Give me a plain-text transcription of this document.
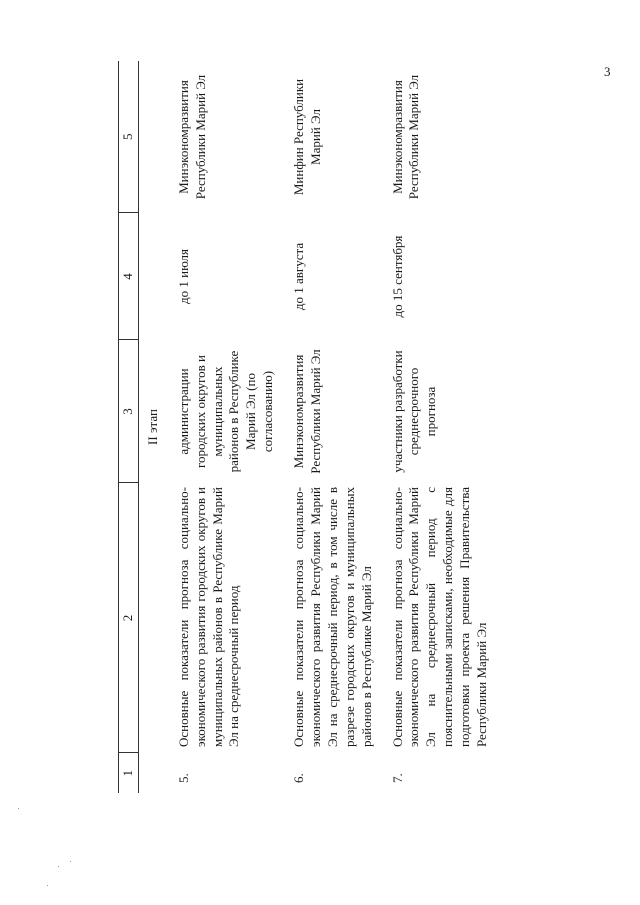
3
1	2	3	4	5
II этап				
5.	Основные показатели прогноза социально-экономического развития городских округов и муниципальных районов в Республике Марий Эл на среднесрочный период	администрации городских округов и муниципальных районов в Республике Марий Эл (по согласованию)	до 1 июля	Минэкономразвития Республики Марий Эл
6.	Основные показатели прогноза социально-экономического развития Республики Марий Эл на среднесрочный период, в том числе в разрезе городских округов и муниципальных районов в Республике Марий Эл	Минэкономразвития Республики Марий Эл	до 1 августа	Минфин Республики Марий Эл
7.	Основные показатели прогноза социально-экономического развития Республики Марий Эл на среднесрочный период с пояснительными записками, необходимые для подготовки проекта решения Правительства Республики Марий Эл	участники разработки среднесрочного прогноза	до 15 сентября	Минэкономразвития Республики Марий Эл
